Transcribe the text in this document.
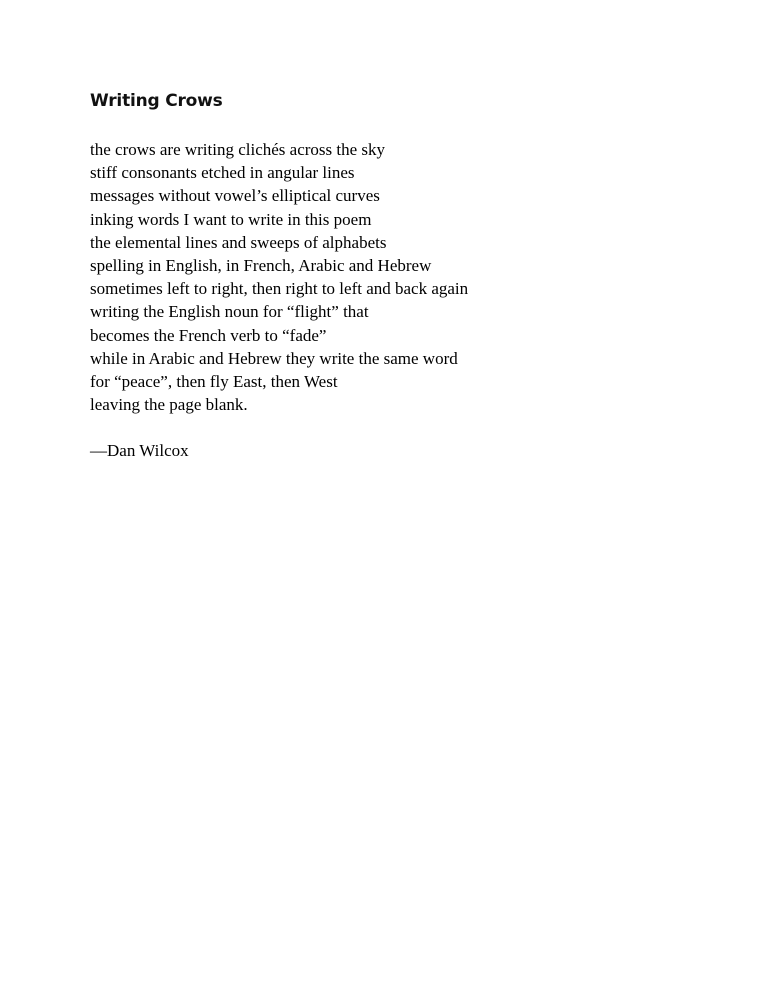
Writing Crows
the crows are writing clichés across the sky
stiff consonants etched in angular lines
messages without vowel’s elliptical curves
inking words I want to write in this poem
the elemental lines and sweeps of alphabets
spelling in English, in French, Arabic and Hebrew
sometimes left to right, then right to left and back again
writing the English noun for “flight” that
becomes the French verb to “fade”
while in Arabic and Hebrew they write the same word
for “peace”, then fly East, then West
leaving the page blank.

—Dan Wilcox
